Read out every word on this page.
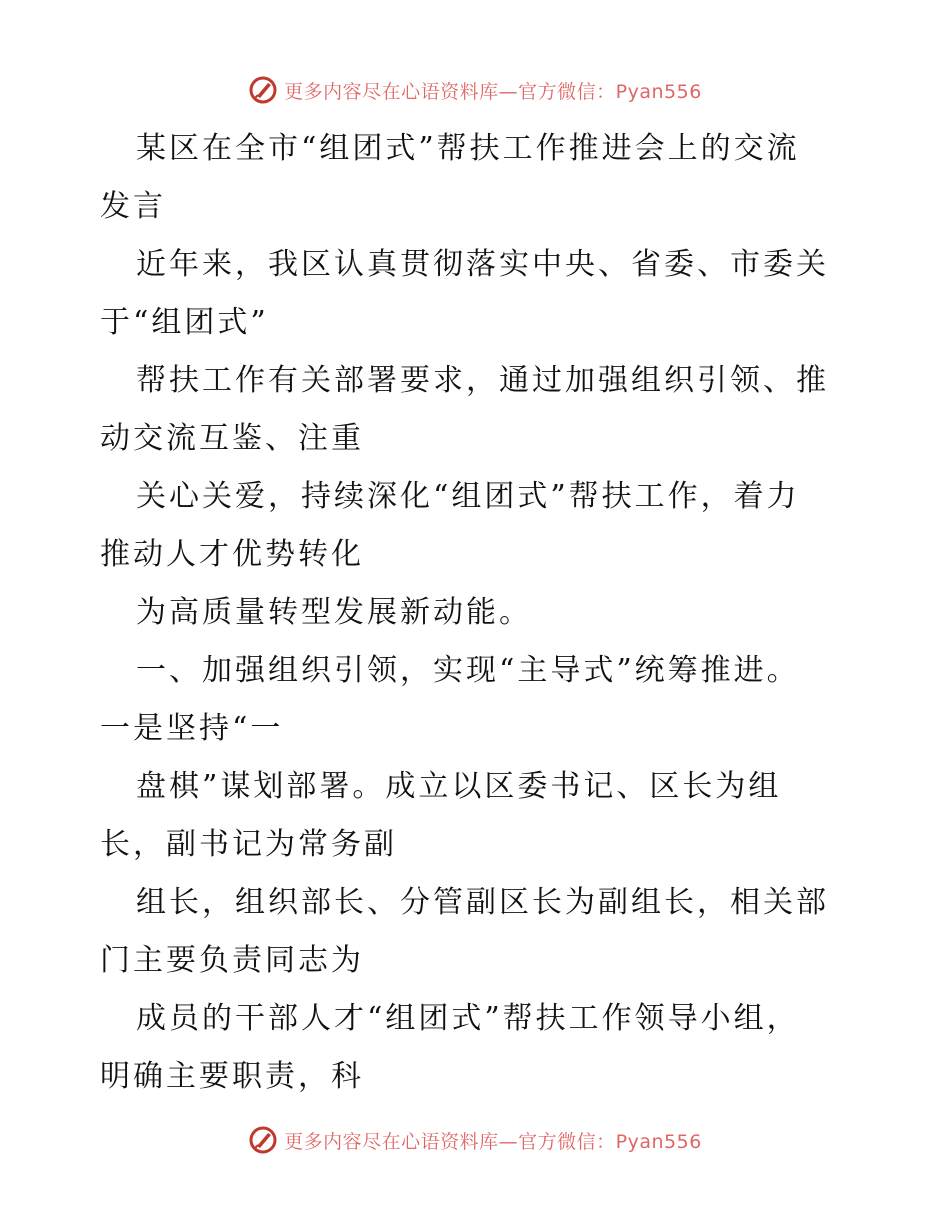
更多内容尽在心语资料库—官方微信：Pyan556
某区在全市“组团式”帮扶工作推进会上的交流
发言
近年来，我区认真贯彻落实中央、省委、市委关
于“组团式”
帮扶工作有关部署要求，通过加强组织引领、推
动交流互鉴、注重
关心关爱，持续深化“组团式”帮扶工作，着力
推动人才优势转化
为高质量转型发展新动能。
一、加强组织引领，实现“主导式”统筹推进。
一是坚持“一
盘棋”谋划部署。成立以区委书记、区长为组
长，副书记为常务副
组长，组织部长、分管副区长为副组长，相关部
门主要负责同志为
成员的干部人才“组团式”帮扶工作领导小组，
明确主要职责，科
更多内容尽在心语资料库—官方微信：Pyan556
